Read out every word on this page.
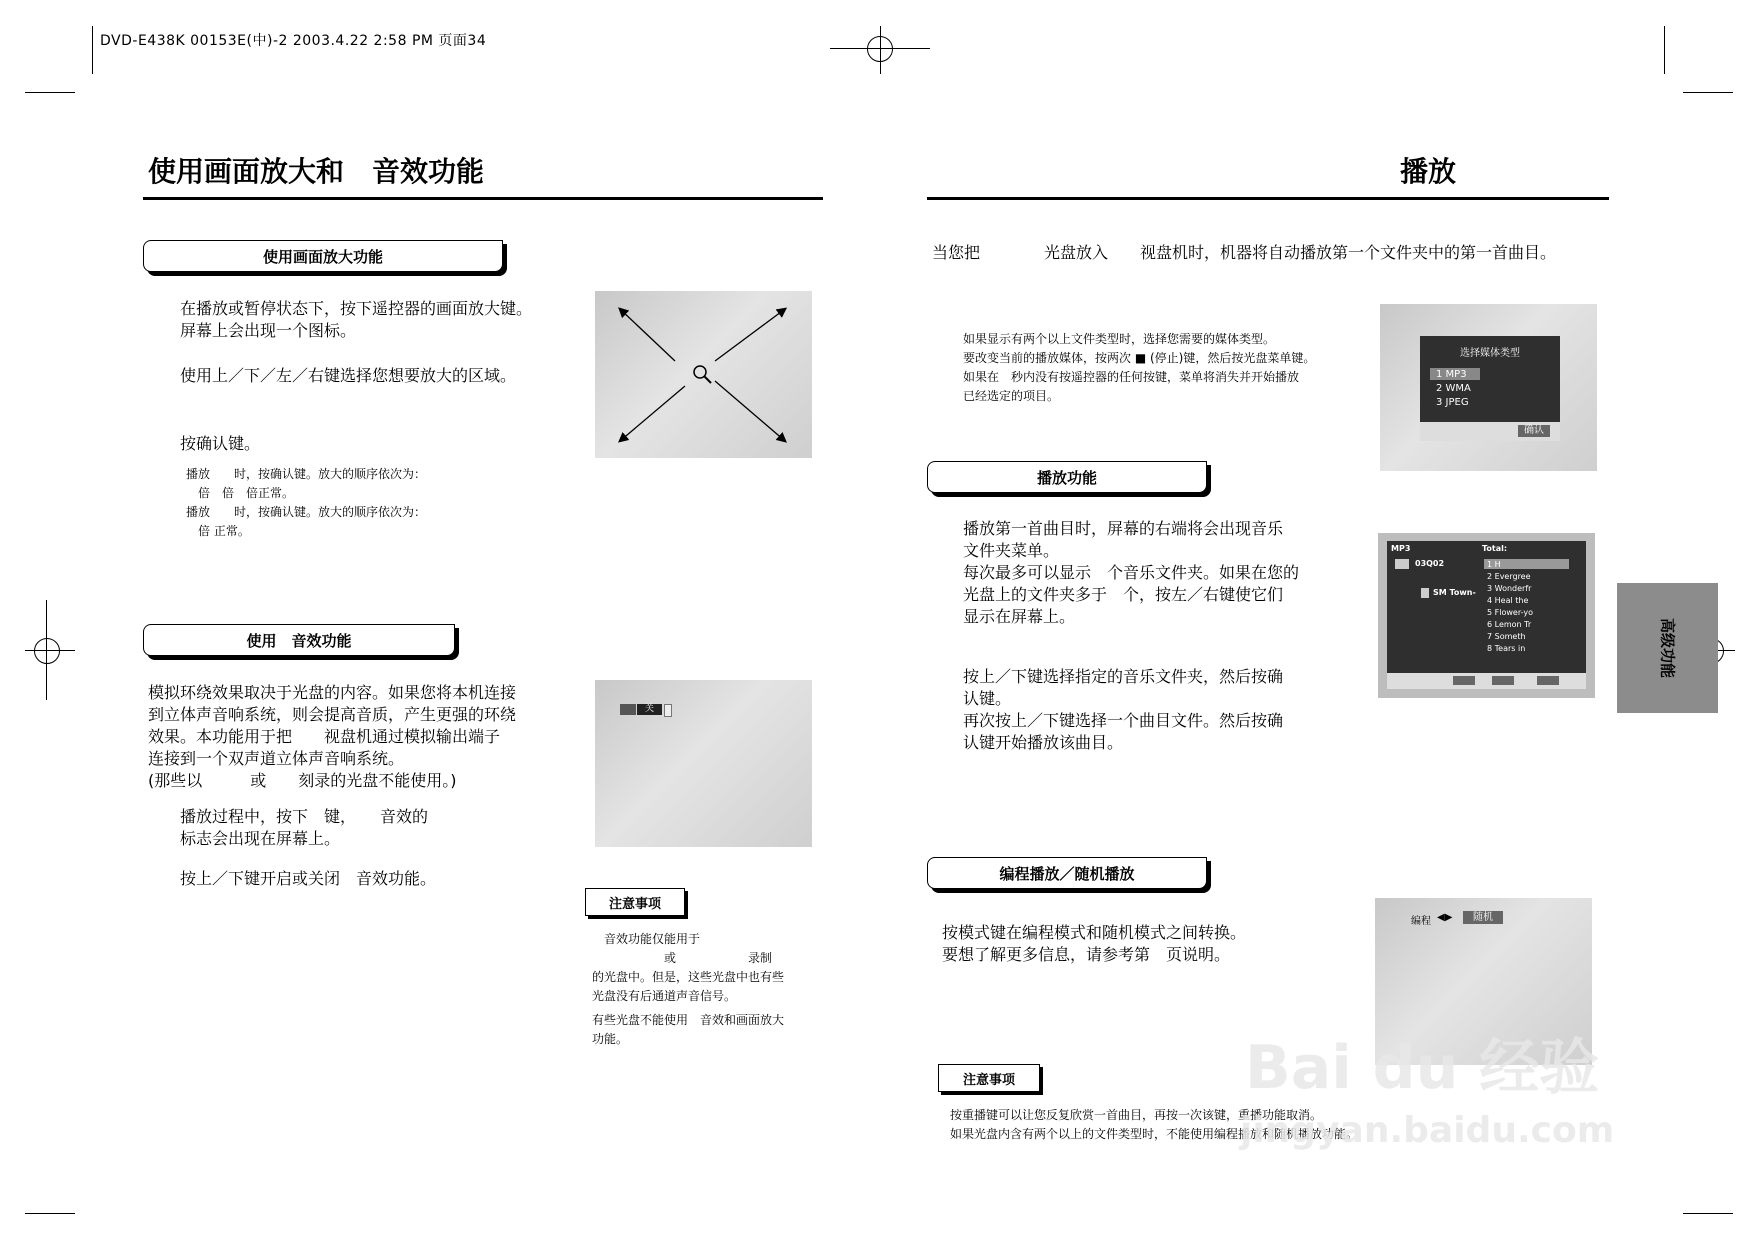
DVD-E438K 00153E(中)-2 2003.4.22 2:58 PM 页面34
使用画面放大和　音效功能
使用画面放大功能
在播放或暂停状态下，按下遥控器的画面放大键。
屏幕上会出现一个图标。
使用上／下／左／右键选择您想要放大的区域。
按确认键。
播放　　时，按确认键。放大的顺序依次为：
　倍　倍　倍正常。
播放　　时，按确认键。放大的顺序依次为：
　倍 正常。
使用　音效功能
模拟环绕效果取决于光盘的内容。如果您将本机连接
到立体声音响系统，则会提高音质，产生更强的环绕
效果。本功能用于把　　视盘机通过模拟输出端子
连接到一个双声道立体声音响系统。
(那些以　　　或　　刻录的光盘不能使用。)
播放过程中，按下　键，　　音效的
标志会出现在屏幕上。
按上／下键开启或关闭　音效功能。
关
注意事项
　音效功能仅能用于
　　　　　　或　　　　　　录制
的光盘中。但是，这些光盘中也有些
光盘没有后通道声音信号。
有些光盘不能使用　音效和画面放大
功能。
播放
当您把　　　　光盘放入　　视盘机时，机器将自动播放第一个文件夹中的第一首曲目。
如果显示有两个以上文件类型时，选择您需要的媒体类型。
要改变当前的播放媒体，按两次 ■ (停止)键，然后按光盘菜单键。
如果在　秒内没有按遥控器的任何按键，菜单将消失并开始播放
已经选定的项目。
选择媒体类型
1 MP3
2 WMA
3 JPEG
确认
播放功能
播放第一首曲目时，屏幕的右端将会出现音乐
文件夹菜单。
每次最多可以显示　个音乐文件夹。如果在您的
光盘上的文件夹多于　个，按左／右键使它们
显示在屏幕上。
按上／下键选择指定的音乐文件夹，然后按确
认键。
再次按上／下键选择一个曲目文件。然后按确
认键开始播放该曲目。
MP3	Total:
03Q02
SM Town-
1 H
2 Evergree
3 Wonderfr
4 Heal the
5 Flower-yo
6 Lemon Tr
7 Someth
8 Tears in
编程播放／随机播放
按模式键在编程模式和随机模式之间转换。
要想了解更多信息，请参考第　页说明。
编程 ◀▶	随机
注意事项
按重播键可以让您反复欣赏一首曲目，再按一次该键，重播功能取消。
如果光盘内含有两个以上的文件类型时，不能使用编程播放和随机播放功能。
高级功能
Bai du 经验
jingyan.baidu.com
